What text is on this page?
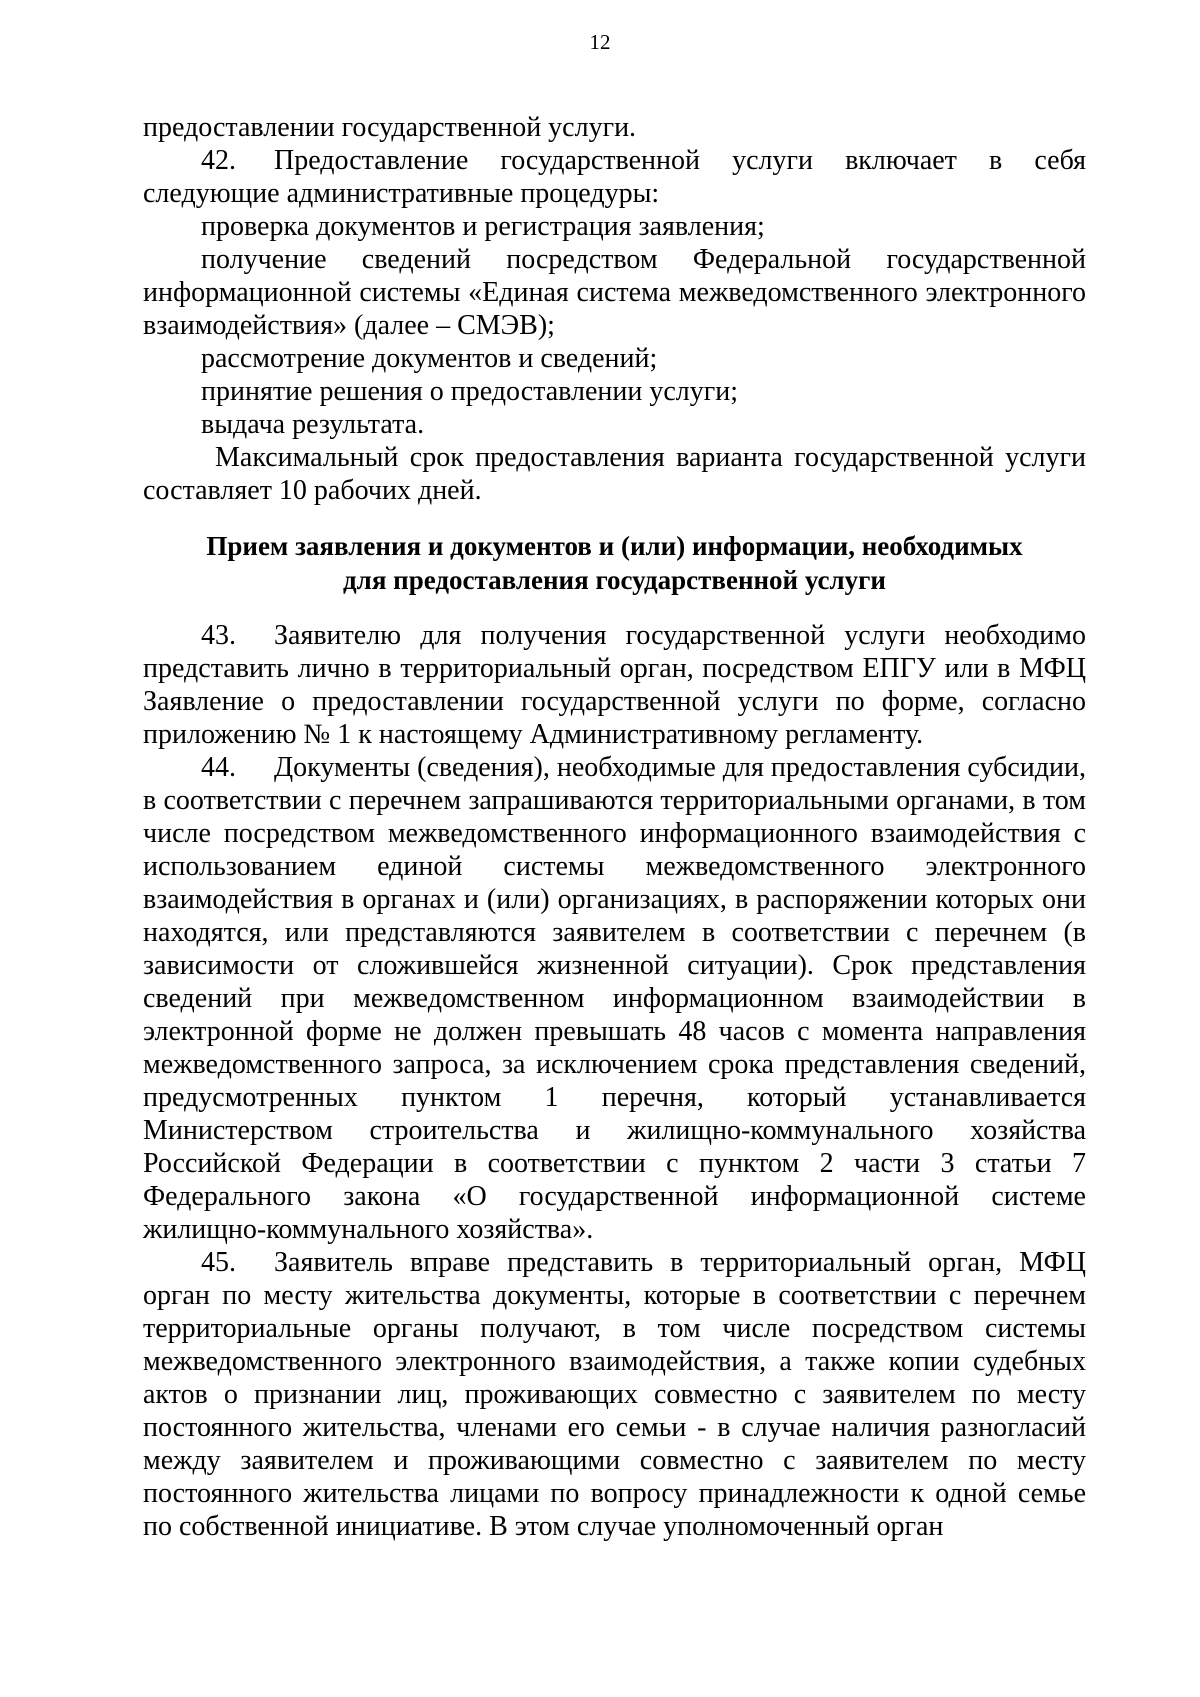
12

предоставлении государственной услуги.

42. Предоставление государственной услуги включает в себя следующие административные процедуры:

проверка документов и регистрация заявления;

получение сведений посредством Федеральной государственной информационной системы «Единая система межведомственного электронного взаимодействия» (далее – СМЭВ);

рассмотрение документов и сведений;

принятие решения о предоставлении услуги;

выдача результата.

Максимальный срок предоставления варианта государственной услуги составляет 10 рабочих дней.

Прием заявления и документов и (или) информации, необходимых
для предоставления государственной услуги

43. Заявителю для получения государственной услуги необходимо представить лично в территориальный орган, посредством ЕПГУ или в МФЦ Заявление о предоставлении государственной услуги по форме, согласно приложению № 1 к настоящему Административному регламенту.

44. Документы (сведения), необходимые для предоставления субсидии, в соответствии с перечнем запрашиваются территориальными органами, в том числе посредством межведомственного информационного взаимодействия с использованием единой системы межведомственного электронного взаимодействия в органах и (или) организациях, в распоряжении которых они находятся, или представляются заявителем в соответствии с перечнем (в зависимости от сложившейся жизненной ситуации). Срок представления сведений при межведомственном информационном взаимодействии в электронной форме не должен превышать 48 часов с момента направления межведомственного запроса, за исключением срока представления сведений, предусмотренных пунктом 1 перечня, который устанавливается Министерством строительства и жилищно-коммунального хозяйства Российской Федерации в соответствии с пунктом 2 части 3 статьи 7 Федерального закона «О государственной информационной системе жилищно-коммунального хозяйства».

45. Заявитель вправе представить в территориальный орган, МФЦ орган по месту жительства документы, которые в соответствии с перечнем территориальные органы получают, в том числе посредством системы межведомственного электронного взаимодействия, а также копии судебных актов о признании лиц, проживающих совместно с заявителем по месту постоянного жительства, членами его семьи - в случае наличия разногласий между заявителем и проживающими совместно с заявителем по месту постоянного жительства лицами по вопросу принадлежности к одной семье по собственной инициативе. В этом случае уполномоченный орган
